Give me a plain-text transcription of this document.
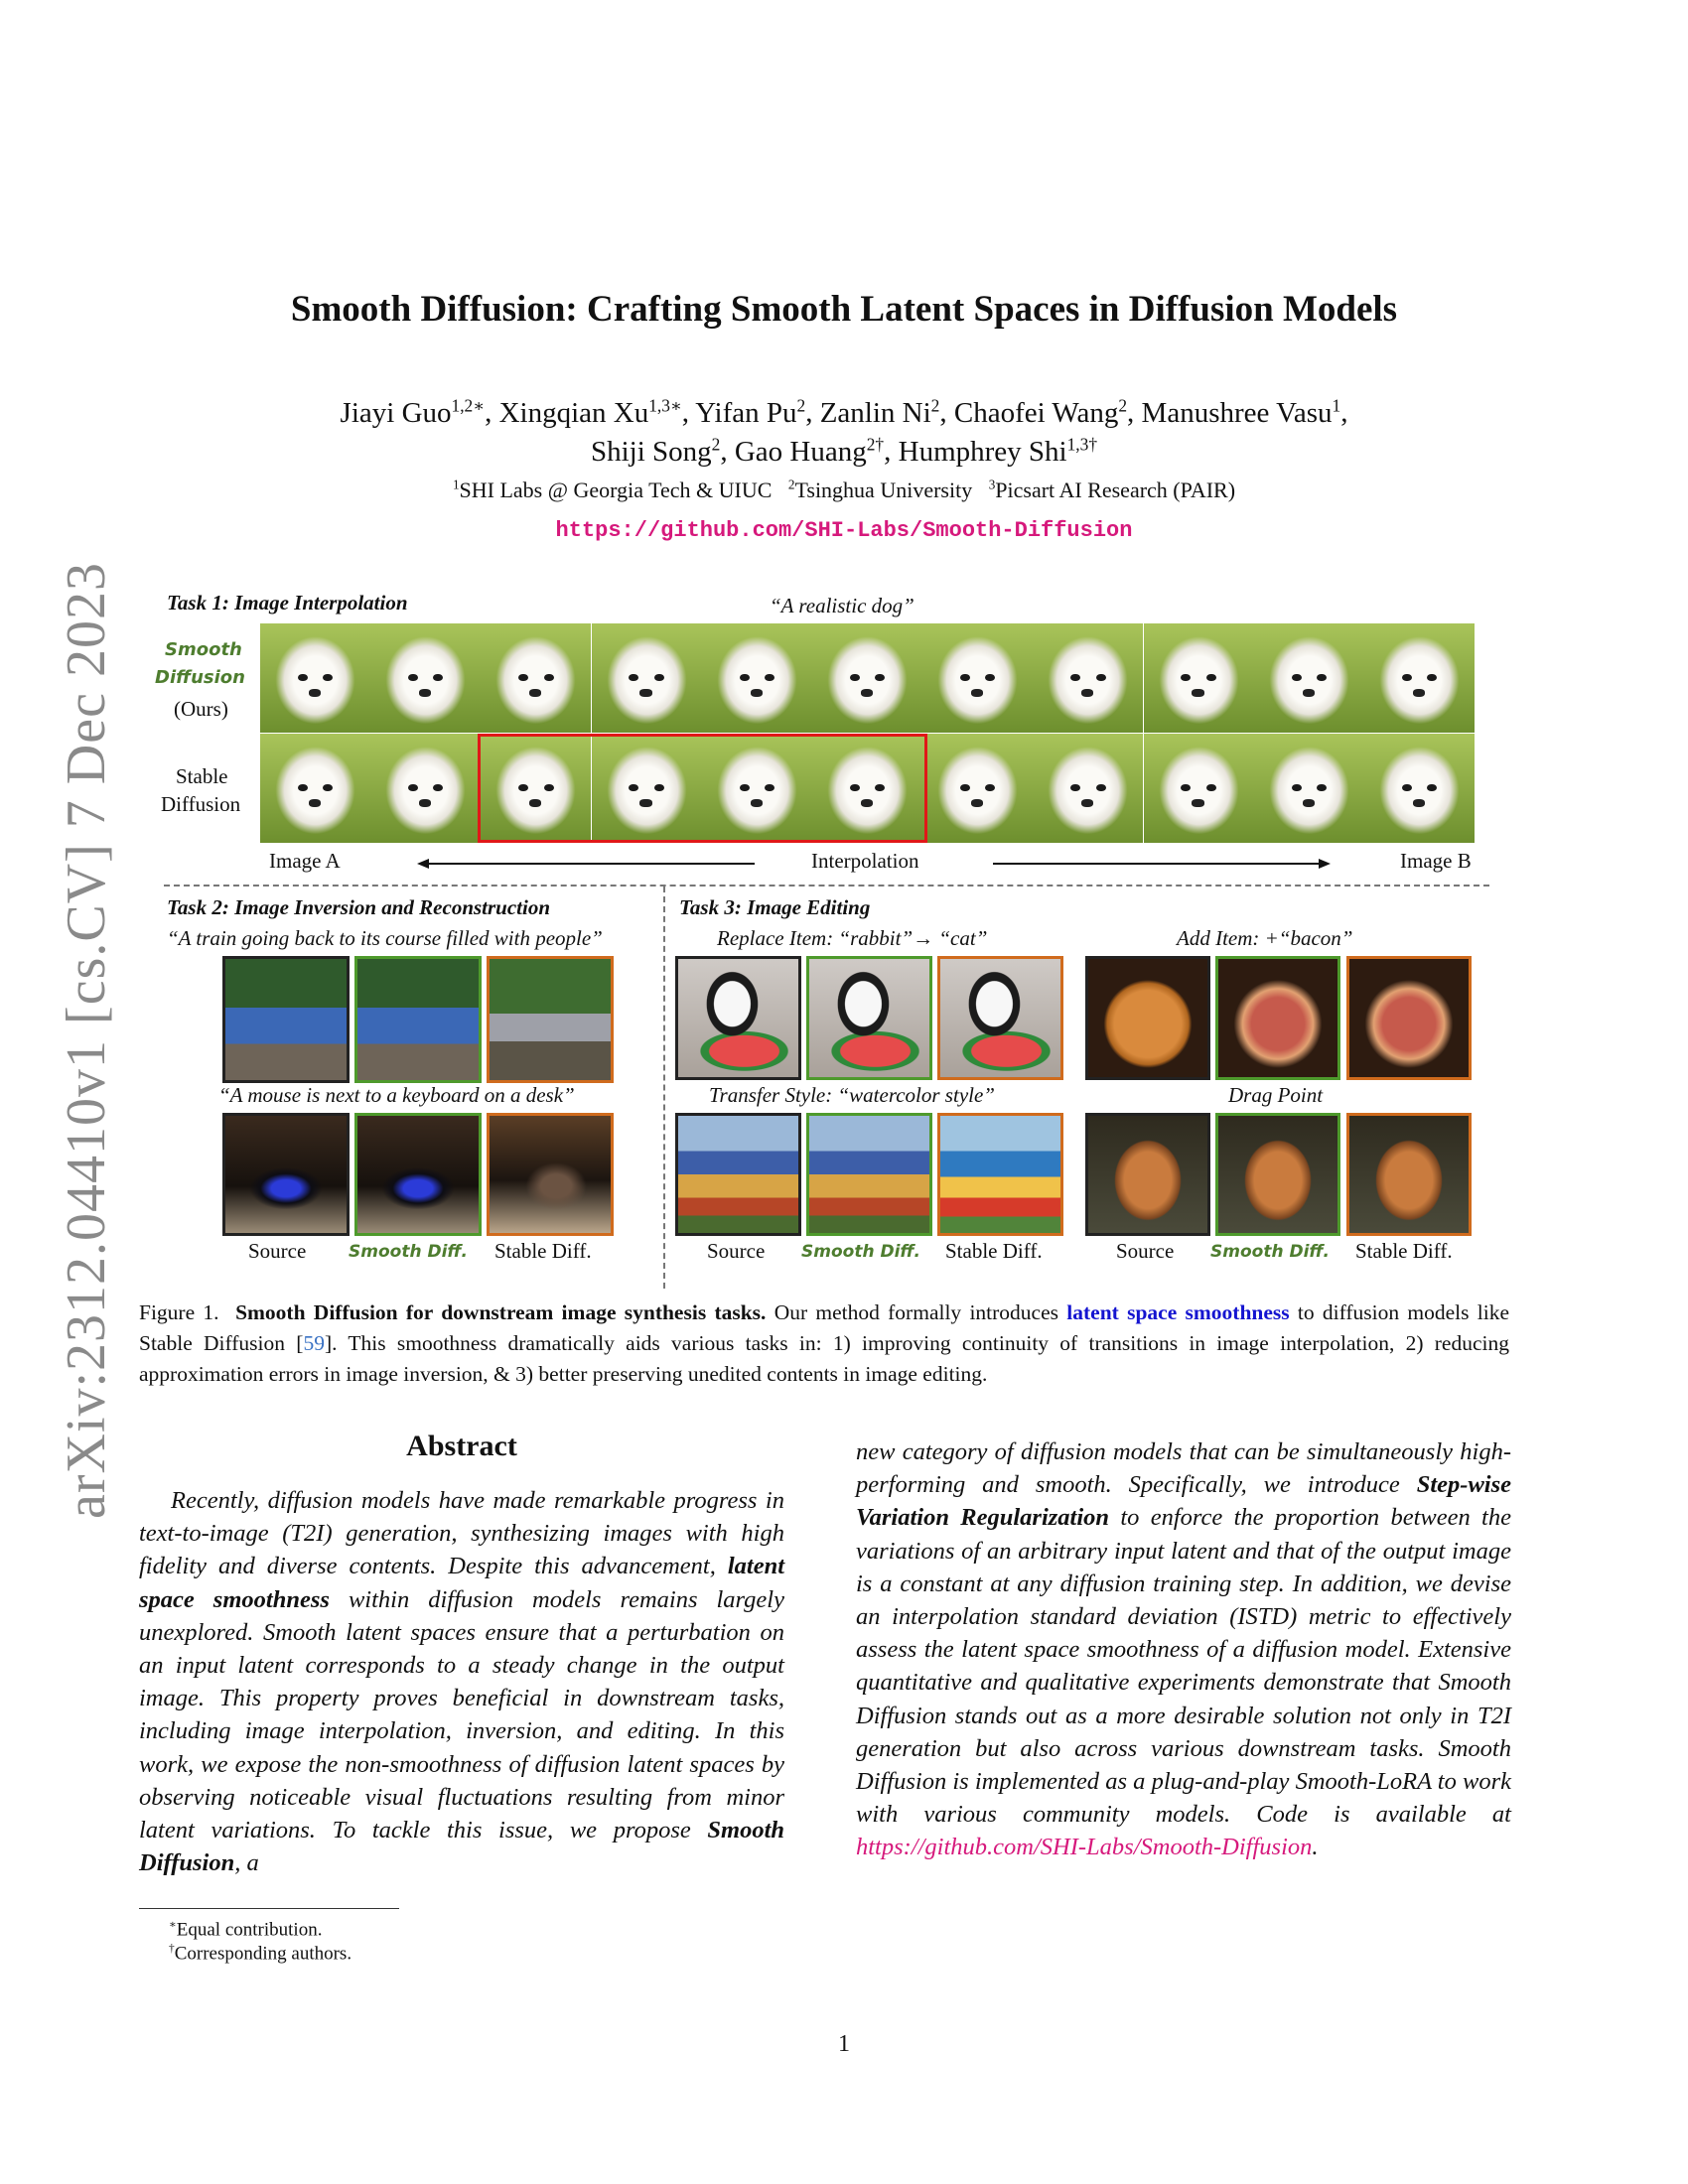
arXiv:2312.04410v1 [cs.CV] 7 Dec 2023
Smooth Diffusion: Crafting Smooth Latent Spaces in Diffusion Models
Jiayi Guo$^{1,2∗}$, Xingqian $Xu^{1,3∗}$, Yifan Pu$^2$, Zanlin Ni$^2$, Chaofei Wang$^2$, Manushree Vasu$^1$,
Shiji Song$^2$, Gao Huang$^{2\dagger}$, Humphrey Shi$^{1,3\dagger}$
$^1$SHI Labs @ Georgia Tech & UIUC $^2$Tsinghua University $^3$Picsart AI Research (PAIR)
https://github.com/SHI-Labs/Smooth-Diffusion
Task 1: Image Interpolation	“A realistic dog”
Smooth
Diffusion
(Ours)
Stable
Diffusion
Image A	Interpolation	Image B
Task 2: Image Inversion and Reconstruction
“A train going back to its course filled with people”
“A mouse is next to a keyboard on a desk”
Source	Smooth Diff. Stable Diff.
Task 3: Image Editing
Replace Item: “rabbit”→ “cat”	Add Item: +“bacon”
Transfer Style: “watercolor style”	Drag Point
Source Smooth Diff. Stable Diff.	Source Smooth Diff. Stable Diff.
Figure 1. Smooth Diffusion for downstream image synthesis tasks. Our method formally introduces latent space smoothness to diffusion models like Stable Diffusion [59]. This smoothness dramatically aids various tasks in: 1) improving continuity of transitions in image interpolation, 2) reducing approximation errors in image inversion, & 3) better preserving unedited contents in image editing.
Abstract
Recently, diffusion models have made remarkable progress in text-to-image (T2I) generation, synthesizing images with high fidelity and diverse contents. Despite this advancement, latent space smoothness within diffusion models remains largely unexplored. Smooth latent spaces ensure that a perturbation on an input latent corresponds to a steady change in the output image. This property proves beneficial in downstream tasks, including image interpolation, inversion, and editing. In this work, we expose the non-smoothness of diffusion latent spaces by observing noticeable visual fluctuations resulting from minor latent variations. To tackle this issue, we propose Smooth Diffusion, a
new category of diffusion models that can be simultaneously high-performing and smooth. Specifically, we introduce Step-wise Variation Regularization to enforce the proportion between the variations of an arbitrary input latent and that of the output image is a constant at any diffusion training step. In addition, we devise an interpolation standard deviation (ISTD) metric to effectively assess the latent space smoothness of a diffusion model. Extensive quantitative and qualitative experiments demonstrate that Smooth Diffusion stands out as a more desirable solution not only in T2I generation but also across various downstream tasks. Smooth Diffusion is implemented as a plug-and-play Smooth-LoRA to work with various community models. Code is available at https://github.com/SHI-Labs/Smooth-Diffusion.
∗Equal contribution.
†Corresponding authors.
1
